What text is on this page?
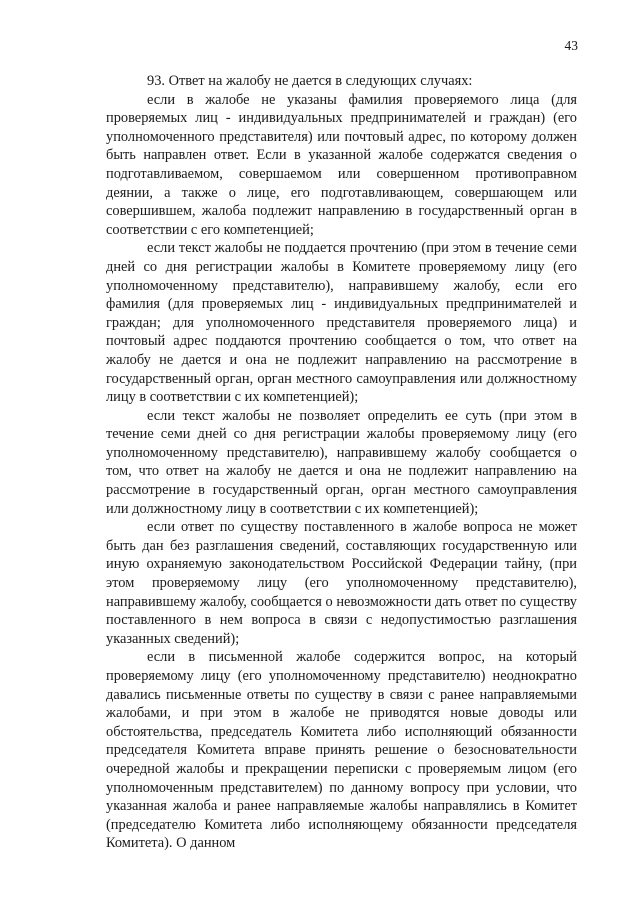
43

93. Ответ на жалобу не дается в следующих случаях:

если в жалобе не указаны фамилия проверяемого лица (для проверяемых лиц - индивидуальных предпринимателей и граждан) (его уполномоченного представителя) или почтовый адрес, по которому должен быть направлен ответ. Если в указанной жалобе содержатся сведения о подготавливаемом, совершаемом или совершенном противоправном деянии, а также о лице, его подготавливающем, совершающем или совершившем, жалоба подлежит направлению в государственный орган в соответствии с его компетенцией;

если текст жалобы не поддается прочтению (при этом в течение семи дней со дня регистрации жалобы в Комитете проверяемому лицу (его уполномоченному представителю), направившему жалобу, если его фамилия (для проверяемых лиц - индивидуальных предпринимателей и граждан; для уполномоченного представителя проверяемого лица) и почтовый адрес поддаются прочтению сообщается о том, что ответ на жалобу не дается и она не подлежит направлению на рассмотрение в государственный орган, орган местного самоуправления или должностному лицу в соответствии с их компетенцией);

если текст жалобы не позволяет определить ее суть (при этом в течение семи дней со дня регистрации жалобы проверяемому лицу (его уполномоченному представителю), направившему жалобу сообщается о том, что ответ на жалобу не дается и она не подлежит направлению на рассмотрение в государственный орган, орган местного самоуправления или должностному лицу в соответствии с их компетенцией);

если ответ по существу поставленного в жалобе вопроса не может быть дан без разглашения сведений, составляющих государственную или иную охраняемую законодательством Российской Федерации тайну, (при этом проверяемому лицу (его уполномоченному представителю), направившему жалобу, сообщается о невозможности дать ответ по существу поставленного в нем вопроса в связи с недопустимостью разглашения указанных сведений);

если в письменной жалобе содержится вопрос, на который проверяемому лицу (его уполномоченному представителю) неоднократно давались письменные ответы по существу в связи с ранее направляемыми жалобами, и при этом в жалобе не приводятся новые доводы или обстоятельства, председатель Комитета либо исполняющий обязанности председателя Комитета вправе принять решение о безосновательности очередной жалобы и прекращении переписки с проверяемым лицом (его уполномоченным представителем) по данному вопросу при условии, что указанная жалоба и ранее направляемые жалобы направлялись в Комитет (председателю Комитета либо исполняющему обязанности председателя Комитета). О данном
